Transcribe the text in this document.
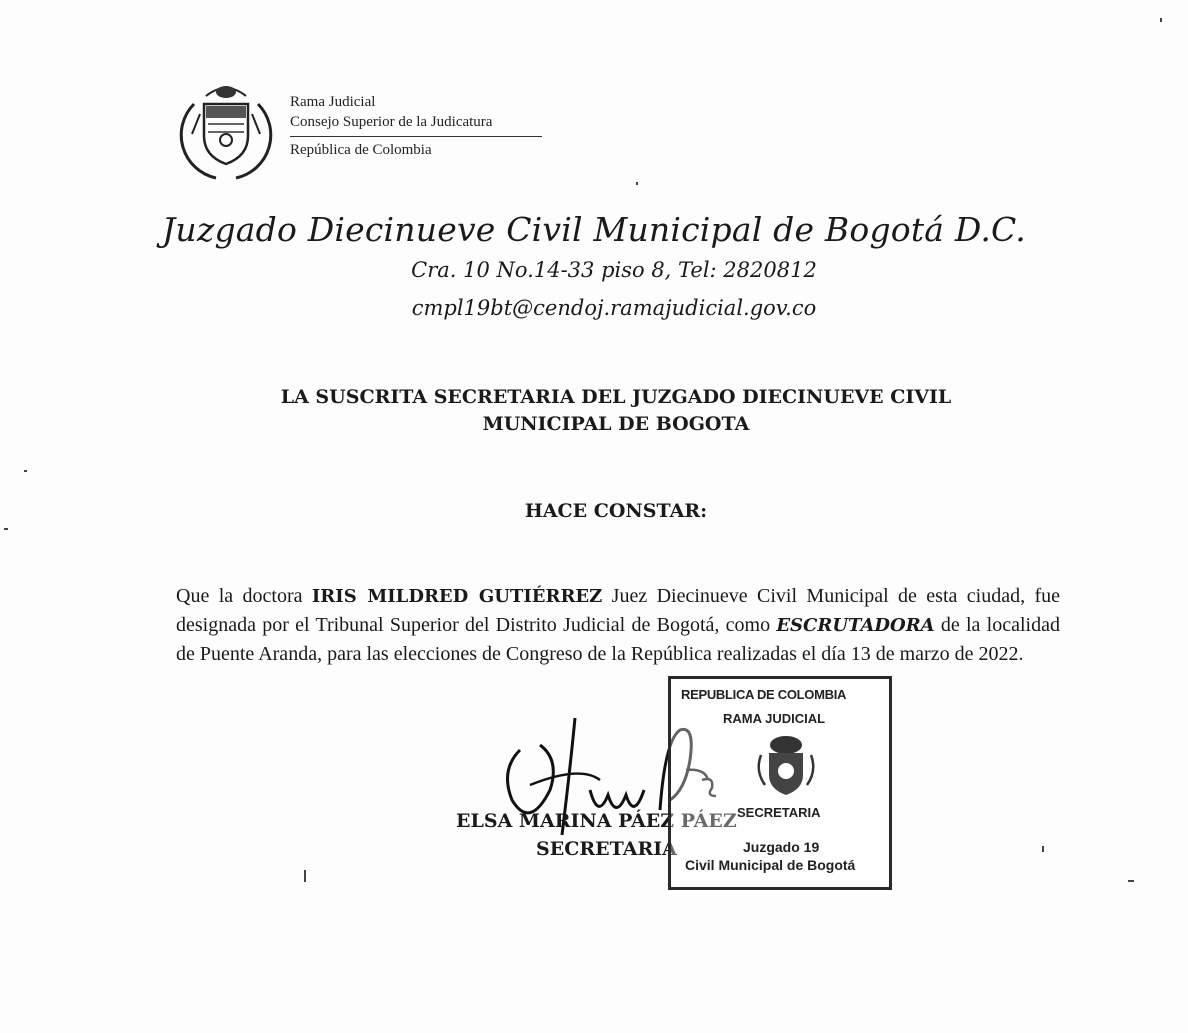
Rama Judicial
Consejo Superior de la Judicatura
República de Colombia
Juzgado Diecinueve Civil Municipal de Bogotá D.C.
Cra. 10 No.14-33 piso 8, Tel: 2820812
cmpl19bt@cendoj.ramajudicial.gov.co
LA SUSCRITA SECRETARIA DEL JUZGADO DIECINUEVE CIVIL
MUNICIPAL DE BOGOTA
HACE CONSTAR:
Que la doctora IRIS MILDRED GUTIÉRREZ Juez Diecinueve Civil Municipal de esta ciudad, fue designada por el Tribunal Superior del Distrito Judicial de Bogotá, como ESCRUTADORA de la localidad de Puente Aranda, para las elecciones de Congreso de la República realizadas el día 13 de marzo de 2022.
ELSA MARINA PÁEZ PÁEZ
SECRETARIA
REPUBLICA DE COLOMBIA
RAMA JUDICIAL
SECRETARIA
Juzgado 19
Civil Municipal de Bogotá
